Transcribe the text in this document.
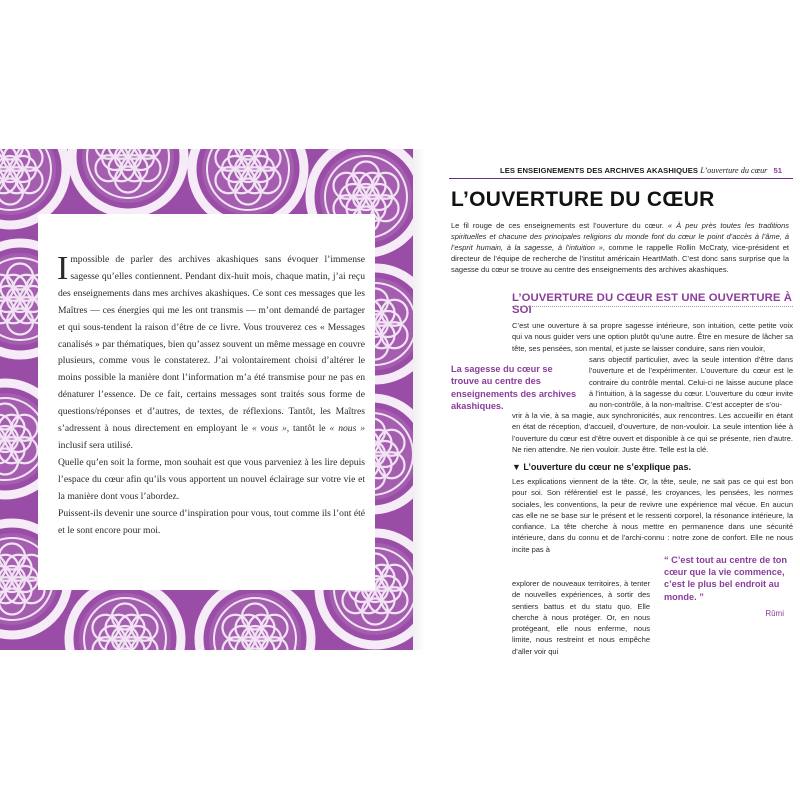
Impossible de parler des archives akashiques sans évoquer l’immense sagesse qu’elles contiennent. Pendant dix-huit mois, chaque matin, j’ai reçu des enseignements dans mes archives akashiques. Ce sont ces messages que les Maîtres — ces énergies qui me les ont transmis — m’ont demandé de partager et qui sous-tendent la raison d’être de ce livre. Vous trouverez ces « Messages canalisés » par thématiques, bien qu’assez souvent un même message en couvre plusieurs, comme vous le constaterez. J’ai volontairement choisi d’altérer le moins possible la manière dont l’information m’a été transmise pour ne pas en dénaturer l’essence. De ce fait, certains messages sont traités sous forme de questions/réponses et d’autres, de textes, de réflexions. Tantôt, les Maîtres s’adressent à nous directement en employant le « vous », tantôt le « nous » inclusif sera utilisé.

Quelle qu’en soit la forme, mon souhait est que vous parveniez à les lire depuis l’espace du cœur afin qu’ils vous apportent un nouvel éclairage sur votre vie et la manière dont vous l’abordez.

Puissent-ils devenir une source d’inspiration pour vous, tout comme ils l’ont été et le sont encore pour moi.

LES ENSEIGNEMENTS DES ARCHIVES AKASHIQUES L’ouverture du cœur 51
L’OUVERTURE DU CŒUR

Le fil rouge de ces enseignements est l’ouverture du cœur. « À peu près toutes les traditions spirituelles et chacune des principales religions du monde font du cœur le point d’accès à l’âme, à l’esprit humain, à la sagesse, à l’intuition », comme le rappelle Rollin McCraty, vice-président et directeur de l’équipe de recherche de l’institut américain HeartMath. C’est donc sans surprise que la sagesse du cœur se trouve au centre des enseignements des archives akashiques.

L’OUVERTURE DU CŒUR EST UNE OUVERTURE À SOI

La sagesse du cœur se trouve au centre des enseignements des archives akashiques.

C’est une ouverture à sa propre sagesse intérieure, son intuition, cette petite voix qui va nous guider vers une option plutôt qu’une autre. Être en mesure de lâcher sa tête, ses pensées, son mental, et juste se laisser conduire, sans rien vouloir,

sans objectif particulier, avec la seule intention d’être dans l’ouverture et de l’expérimenter. L’ouverture du cœur est le contraire du contrôle mental. Celui-ci ne laisse aucune place à l’intuition, à la sagesse du cœur. L’ouverture du cœur invite au non-contrôle, à la non-maîtrise. C’est accepter de s’ou-

vrir à la vie, à sa magie, aux synchronicités, aux rencontres. Les accueillir en étant en état de réception, d’accueil, d’ouverture, de non-vouloir. La seule intention liée à l’ouverture du cœur est d’être ouvert et disponible à ce qui se présente, rien d’autre. Ne rien attendre. Ne rien vouloir. Juste être. Telle est la clé.

▼ L’ouverture du cœur ne s’explique pas.

Les explications viennent de la tête. Or, la tête, seule, ne sait pas ce qui est bon pour soi. Son référentiel est le passé, les croyances, les pensées, les normes sociales, les conventions, la peur de revivre une expérience mal vécue. En aucun cas elle ne se base sur le présent et le ressenti corporel, la résonance intérieure, la confiance. La tête cherche à nous mettre en permanence dans une sécurité intérieure, dans du connu et de l’archi-connu : notre zone de confort. Elle ne nous incite pas à

explorer de nouveaux territoires, à tenter de nouvelles expériences, à sortir des sentiers battus et du statu quo. Elle cherche à nous protéger. Or, en nous protégeant, elle nous enferme, nous limite, nous restreint et nous empêche d’aller voir qui

“ C’est tout au centre de ton cœur que la vie commence, c’est le plus bel endroit au monde. ”

Rûmi
